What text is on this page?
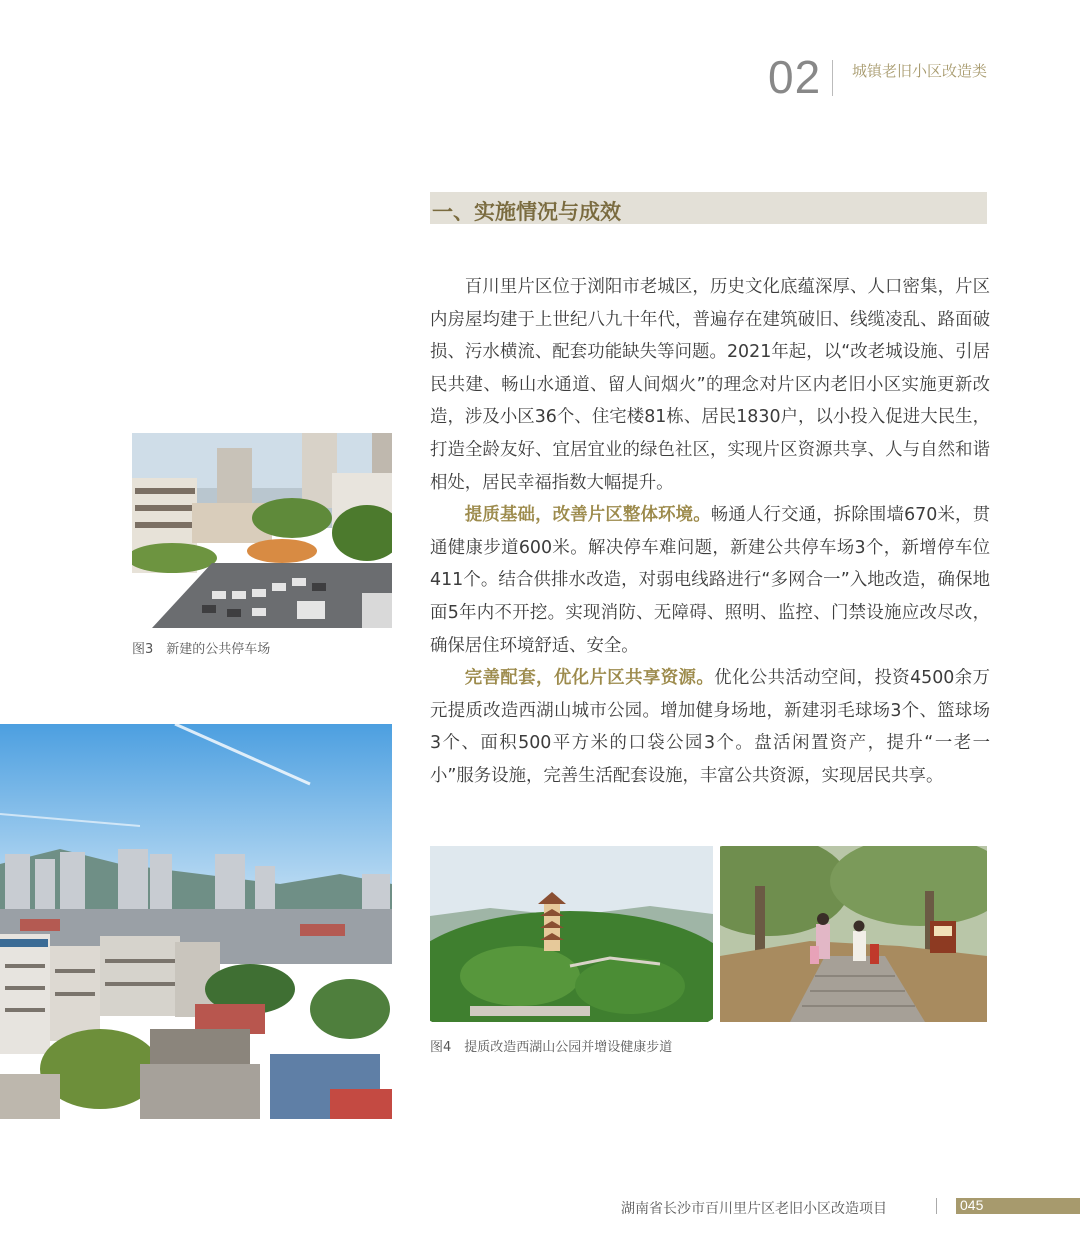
02 城镇老旧小区改造类
一、实施情况与成效

百川里片区位于浏阳市老城区，历史文化底蕴深厚、人口密集，片区内房屋均建于上世纪八九十年代，普遍存在建筑破旧、线缆凌乱、路面破损、污水横流、配套功能缺失等问题。2021年起，以“改老城设施、引居民共建、畅山水通道、留人间烟火”的理念对片区内老旧小区实施更新改造，涉及小区36个、住宅楼81栋、居民1830户，以小投入促进大民生，打造全龄友好、宜居宜业的绿色社区，实现片区资源共享、人与自然和谐相处，居民幸福指数大幅提升。

提质基础，改善片区整体环境。畅通人行交通，拆除围墙670米，贯通健康步道600米。解决停车难问题，新建公共停车场3个，新增停车位411个。结合供排水改造，对弱电线路进行“多网合一”入地改造，确保地面5年内不开挖。实现消防、无障碍、照明、监控、门禁设施应改尽改，确保居住环境舒适、安全。

完善配套，优化片区共享资源。优化公共活动空间，投资4500余万元提质改造西湖山城市公园。增加健身场地，新建羽毛球场3个、篮球场3个、面积500平方米的口袋公园3个。盘活闲置资产，提升“一老一小”服务设施，完善生活配套设施，丰富公共资源，实现居民共享。

图3　新建的公共停车场
图4　提质改造西湖山公园并增设健康步道
湖南省长沙市百川里片区老旧小区改造项目	045
